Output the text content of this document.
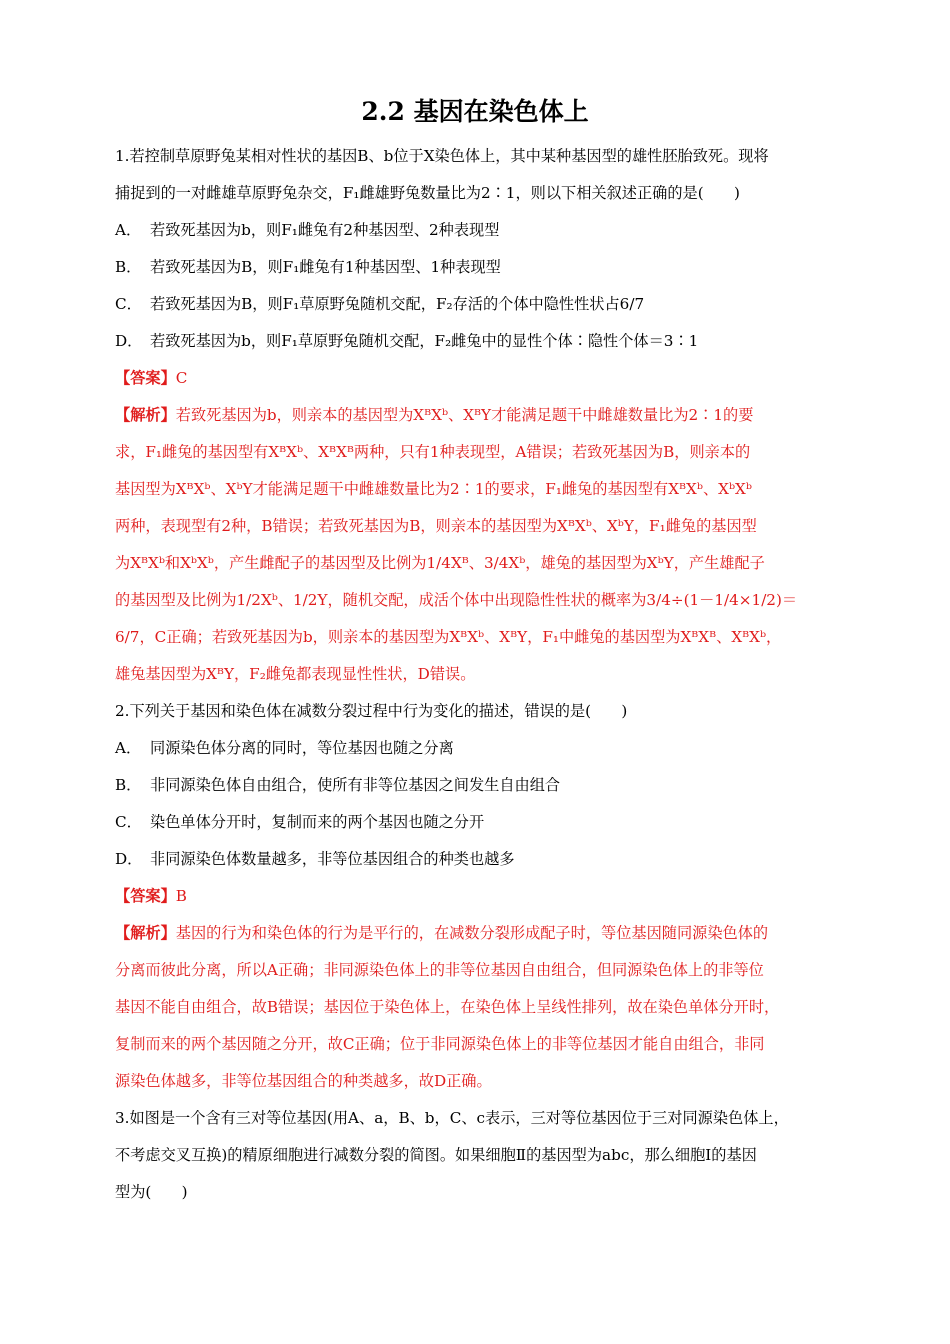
2.2 基因在染色体上
1.若控制草原野兔某相对性状的基因B、b位于X染色体上，其中某种基因型的雄性胚胎致死。现将
捕捉到的一对雌雄草原野兔杂交，F₁雌雄野兔数量比为2∶1，则以下相关叙述正确的是(　　)
A． 若致死基因为b，则F₁雌兔有2种基因型、2种表现型
B． 若致死基因为B，则F₁雌兔有1种基因型、1种表现型
C． 若致死基因为B，则F₁草原野兔随机交配，F₂存活的个体中隐性性状占6/7
D． 若致死基因为b，则F₁草原野兔随机交配，F₂雌兔中的显性个体∶隐性个体＝3∶1
【答案】C
【解析】若致死基因为b，则亲本的基因型为XᴮXᵇ、XᴮY才能满足题干中雌雄数量比为2∶1的要
求，F₁雌兔的基因型有XᴮXᵇ、XᴮXᴮ两种，只有1种表现型，A错误；若致死基因为B，则亲本的
基因型为XᴮXᵇ、XᵇY才能满足题干中雌雄数量比为2∶1的要求，F₁雌兔的基因型有XᴮXᵇ、XᵇXᵇ
两种，表现型有2种，B错误；若致死基因为B，则亲本的基因型为XᴮXᵇ、XᵇY，F₁雌兔的基因型
为XᴮXᵇ和XᵇXᵇ，产生雌配子的基因型及比例为1/4Xᴮ、3/4Xᵇ，雄兔的基因型为XᵇY，产生雄配子
的基因型及比例为1/2Xᵇ、1/2Y，随机交配，成活个体中出现隐性性状的概率为3/4÷(1－1/4×1/2)＝
6/7，C正确；若致死基因为b，则亲本的基因型为XᴮXᵇ、XᴮY，F₁中雌兔的基因型为XᴮXᴮ、XᴮXᵇ，
雄兔基因型为XᴮY，F₂雌兔都表现显性性状，D错误。
2.下列关于基因和染色体在减数分裂过程中行为变化的描述，错误的是(　　)
A． 同源染色体分离的同时，等位基因也随之分离
B． 非同源染色体自由组合，使所有非等位基因之间发生自由组合
C． 染色单体分开时，复制而来的两个基因也随之分开
D． 非同源染色体数量越多，非等位基因组合的种类也越多
【答案】B
【解析】基因的行为和染色体的行为是平行的，在减数分裂形成配子时，等位基因随同源染色体的
分离而彼此分离，所以A正确；非同源染色体上的非等位基因自由组合，但同源染色体上的非等位
基因不能自由组合，故B错误；基因位于染色体上，在染色体上呈线性排列，故在染色单体分开时，
复制而来的两个基因随之分开，故C正确；位于非同源染色体上的非等位基因才能自由组合，非同
源染色体越多，非等位基因组合的种类越多，故D正确。
3.如图是一个含有三对等位基因(用A、a，B、b，C、c表示，三对等位基因位于三对同源染色体上，
不考虑交叉互换)的精原细胞进行减数分裂的简图。如果细胞Ⅱ的基因型为abc，那么细胞Ⅰ的基因
型为(　　)
